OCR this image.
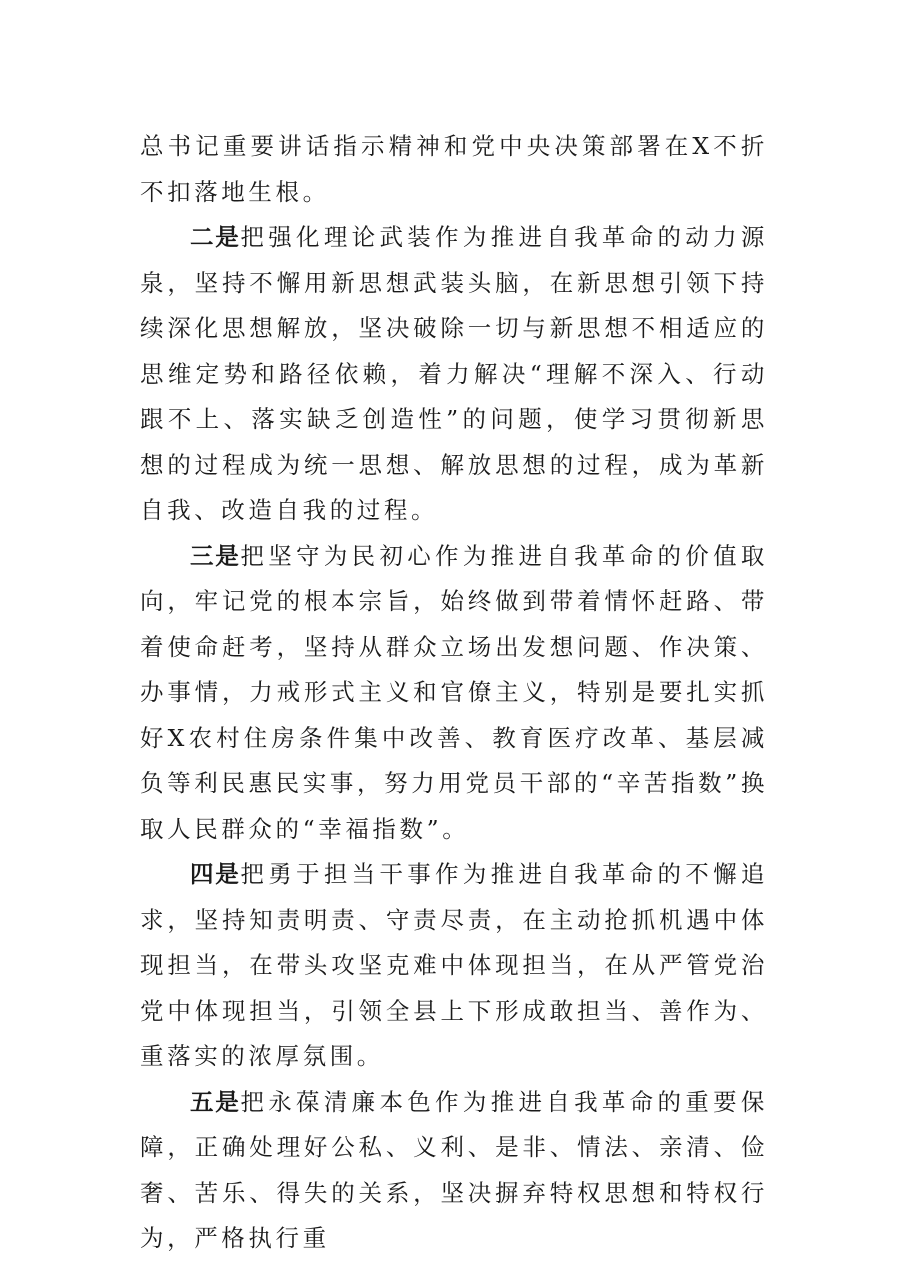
总书记重要讲话指示精神和党中央决策部署在X不折不扣落地生根。

二是把强化理论武装作为推进自我革命的动力源泉，坚持不懈用新思想武装头脑，在新思想引领下持续深化思想解放，坚决破除一切与新思想不相适应的思维定势和路径依赖，着力解决“理解不深入、行动跟不上、落实缺乏创造性”的问题，使学习贯彻新思想的过程成为统一思想、解放思想的过程，成为革新自我、改造自我的过程。

三是把坚守为民初心作为推进自我革命的价值取向，牢记党的根本宗旨，始终做到带着情怀赶路、带着使命赶考，坚持从群众立场出发想问题、作决策、办事情，力戒形式主义和官僚主义，特别是要扎实抓好X农村住房条件集中改善、教育医疗改革、基层减负等利民惠民实事，努力用党员干部的“辛苦指数”换取人民群众的“幸福指数”。

四是把勇于担当干事作为推进自我革命的不懈追求，坚持知责明责、守责尽责，在主动抢抓机遇中体现担当，在带头攻坚克难中体现担当，在从严管党治党中体现担当，引领全县上下形成敢担当、善作为、重落实的浓厚氛围。

五是把永葆清廉本色作为推进自我革命的重要保障，正确处理好公私、义利、是非、情法、亲清、俭奢、苦乐、得失的关系，坚决摒弃特权思想和特权行为，严格执行重
